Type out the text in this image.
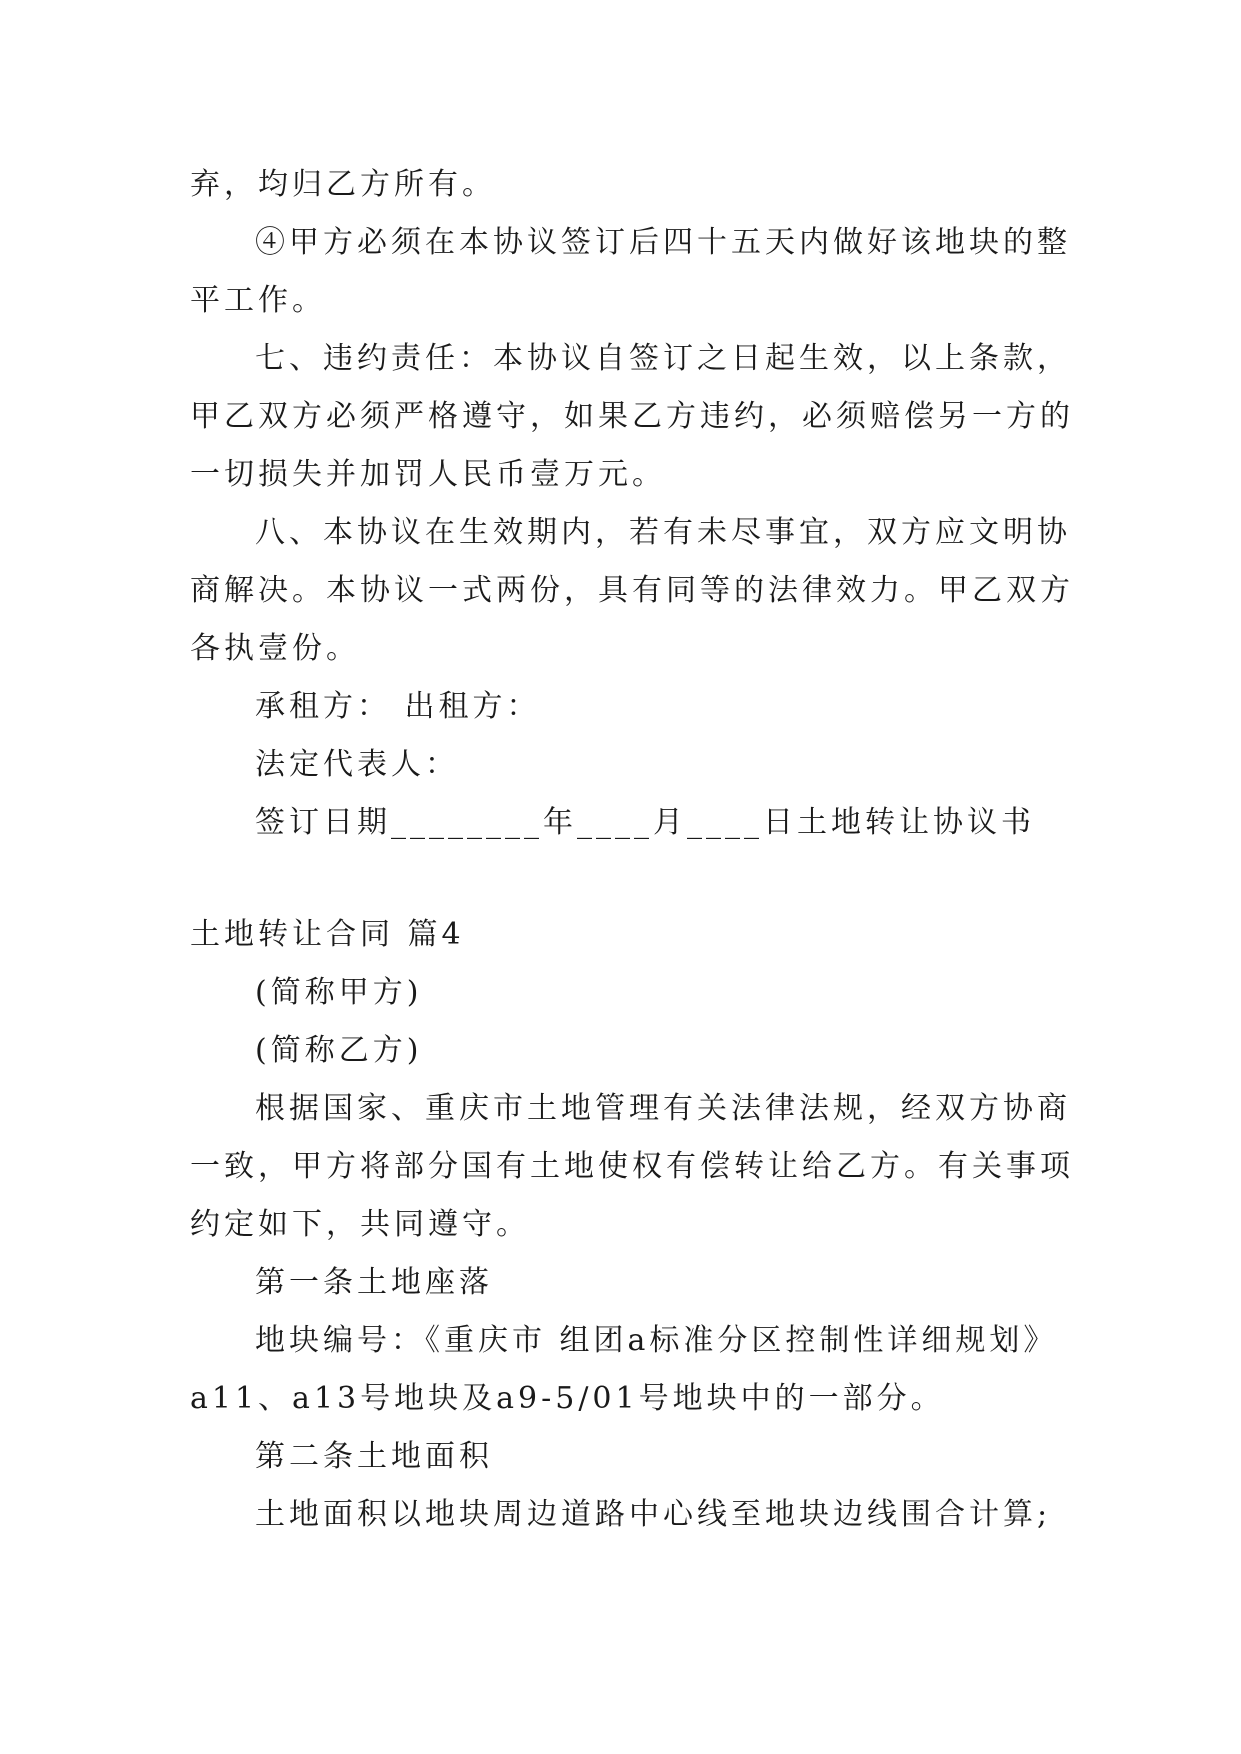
弃，均归乙方所有。

④甲方必须在本协议签订后四十五天内做好该地块的整

平工作。

七、违约责任：本协议自签订之日起生效，以上条款，

甲乙双方必须严格遵守，如果乙方违约，必须赔偿另一方的

一切损失并加罚人民币壹万元。

八、本协议在生效期内，若有未尽事宜，双方应文明协

商解决。本协议一式两份，具有同等的法律效力。甲乙双方

各执壹份。

承租方： 出租方：

法定代表人：

签订日期________年____月____日土地转让协议书

土地转让合同 篇4

(简称甲方)

(简称乙方)

根据国家、重庆市土地管理有关法律法规，经双方协商

一致，甲方将部分国有土地使权有偿转让给乙方。有关事项

约定如下，共同遵守。

第一条土地座落

地块编号：《重庆市 组团a标准分区控制性详细规划》

a11、a13号地块及a9-5/01号地块中的一部分。

第二条土地面积

土地面积以地块周边道路中心线至地块边线围合计算;
